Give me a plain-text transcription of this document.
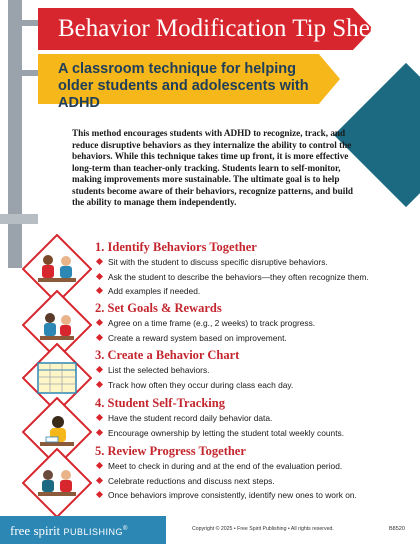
Behavior Modification Tip Sheet
A classroom technique for helping older students and adolescents with ADHD
This method encourages students with ADHD to recognize, track, and reduce disruptive behaviors as they internalize the ability to control the behaviors. While this technique takes time up front, it is more effective long-term than teacher-only tracking. Students learn to self-monitor, making improvements more sustainable. The ultimate goal is to help students become aware of their behaviors, recognize patterns, and build the ability to manage them independently.
1. Identify Behaviors Together
Sit with the student to discuss specific disruptive behaviors.
Ask the student to describe the behaviors—they often recognize them.
Add examples if needed.
2. Set Goals & Rewards
Agree on a time frame (e.g., 2 weeks) to track progress.
Create a reward system based on improvement.
3. Create a Behavior Chart
List the selected behaviors.
Track how often they occur during class each day.
4. Student Self-Tracking
Have the student record daily behavior data.
Encourage ownership by letting the student total weekly counts.
5. Review Progress Together
Meet to check in during and at the end of the evaluation period.
Celebrate reductions and discuss next steps.
Once behaviors improve consistently, identify new ones to work on.
free spirit PUBLISHING®	Copyright © 2025 • Free Spirit Publishing • All rights reserved.	B8520
